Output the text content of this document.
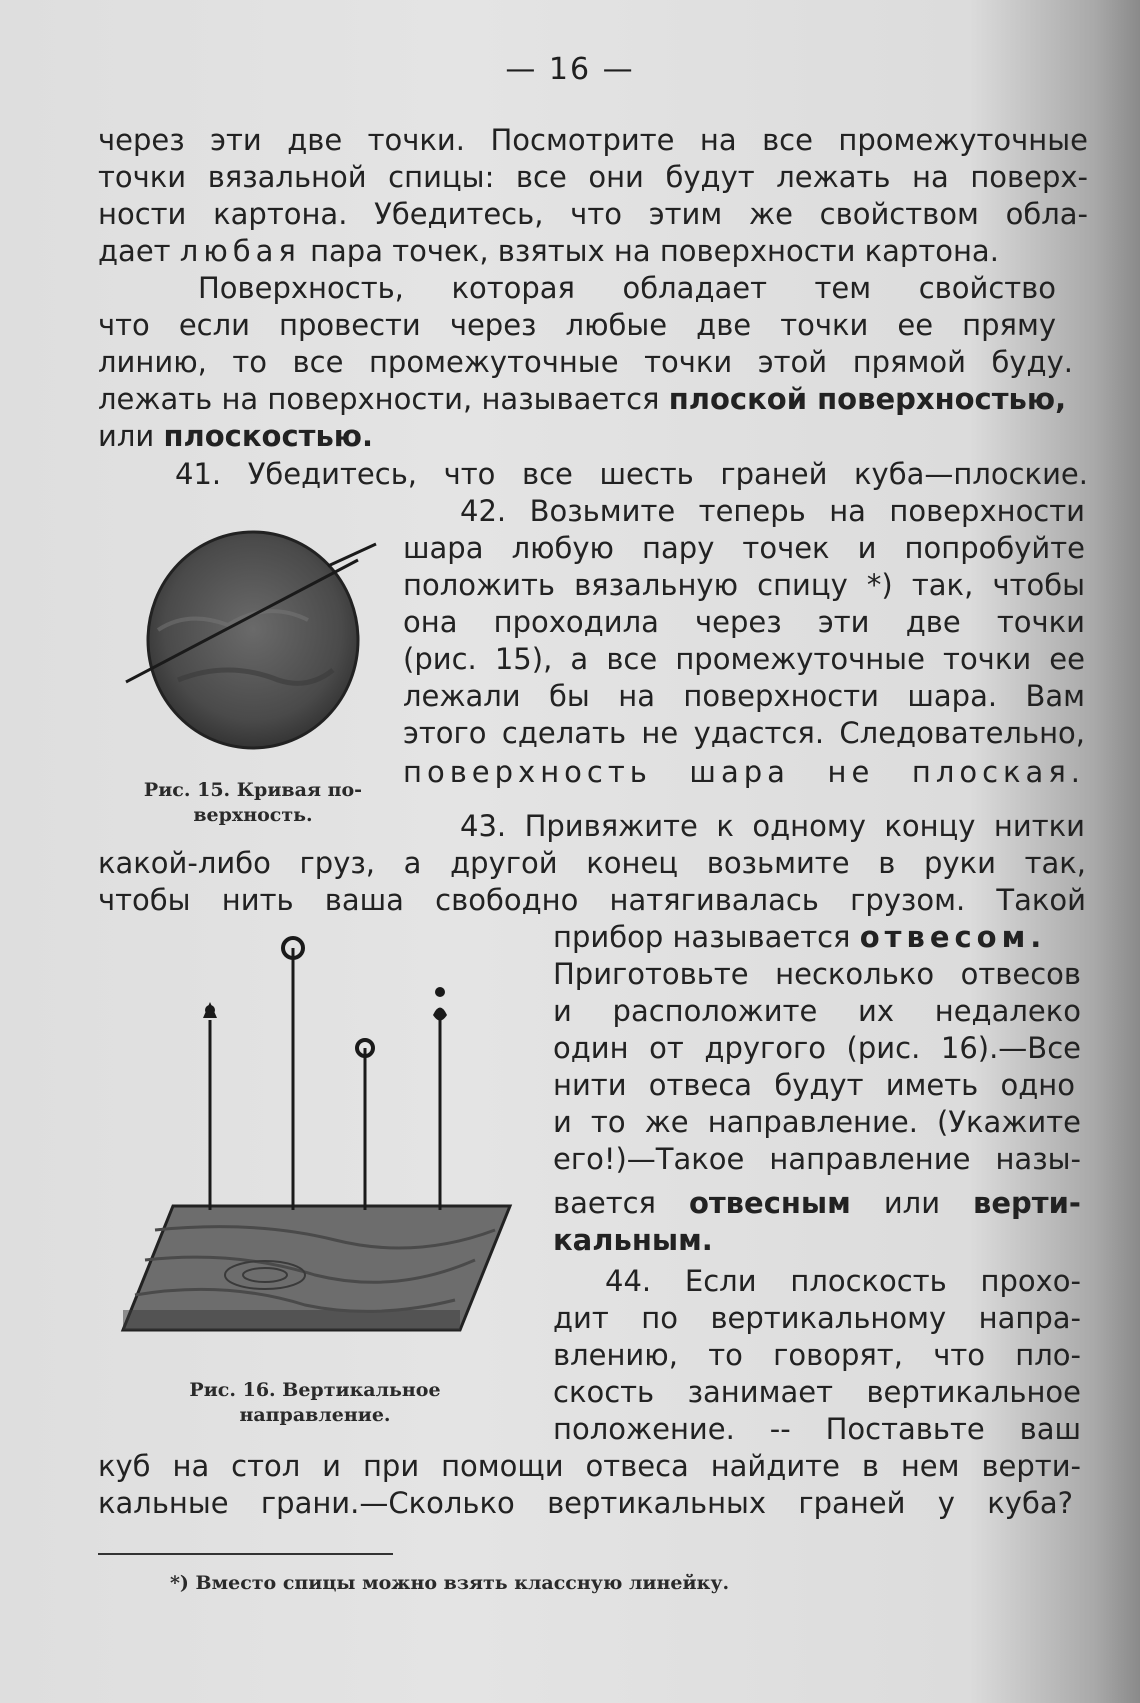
— 16 —
через эти две точки. Посмотрите на все промежуточные
точки вязальной спицы: все они будут лежать на поверх-
ности картона. Убедитесь, что этим же свойством обла-
дает любая пара точек, взятых на поверхности картона.
Поверхность, которая обладает тем свойство
что если провести через любые две точки ее пряму
линию, то все промежуточные точки этой прямой буду.
лежать на поверхности, называется плоской поверхностью,
или плоскостью.
41. Убедитесь, что все шесть граней куба—плоские.
42. Возьмите теперь на поверхности
шара любую пару точек и попробуйте
положить вязальную спицу *) так, чтобы
она проходила через эти две точки
(рис. 15), а все промежуточные точки ее
лежали бы на поверхности шара. Вам
этого сделать не удастся. Следовательно,
поверхность шара не плоская.
Рис. 15. Кривая по-
верхность.	43. Привяжите к одному концу нитки
какой-либо груз, а другой конец возьмите в руки так,
чтобы нить ваша свободно натягивалась грузом. Такой
прибор называется отвесом.
Приготовьте несколько отвесов
и расположите их недалеко
один от другого (рис. 16).—Все
нити отвеса будут иметь одно
и то же направление. (Укажите
его!)—Такое направление назы-
вается отвесным или верти-
кальным.
44. Если плоскость прохо-
дит по вертикальному напра-
влению, то говорят, что пло-
скость занимает вертикальное
положение. -- Поставьте ваш
куб на стол и при помощи отвеса найдите в нем верти-
кальные грани.—Сколько вертикальных граней у куба?
Рис. 16. Вертикальное
направление.
*) Вместо спицы можно взять классную линейку.
